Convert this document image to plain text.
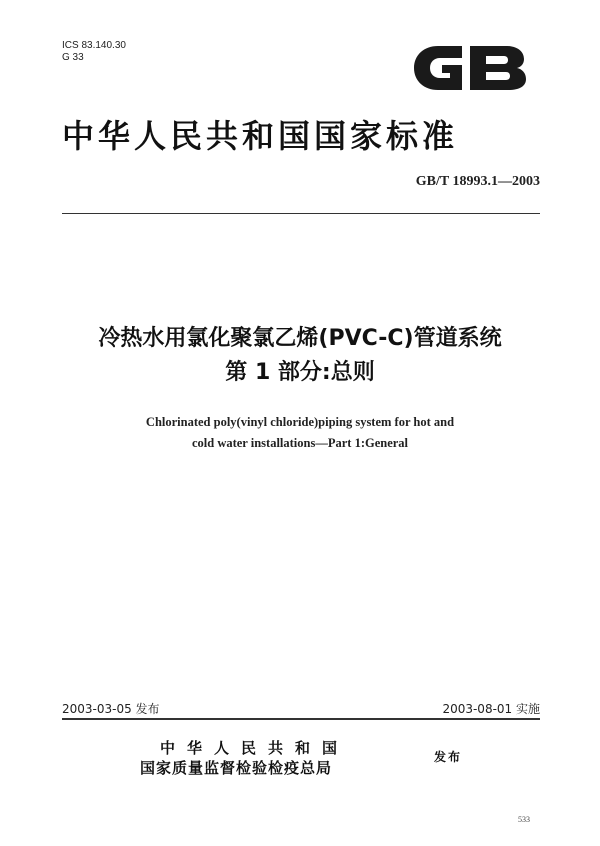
ICS 83.140.30
G 33
GB
中华人民共和国国家标准
GB/T 18993.1—2003
冷热水用氯化聚氯乙烯(PVC-C)管道系统
第 1 部分:总则
Chlorinated poly(vinyl chloride)piping system for hot and
cold water installations—Part 1:General
2003-03-05 发布	2003-08-01 实施
中华人民共和国
国家质量监督检验检疫总局
发布
533
